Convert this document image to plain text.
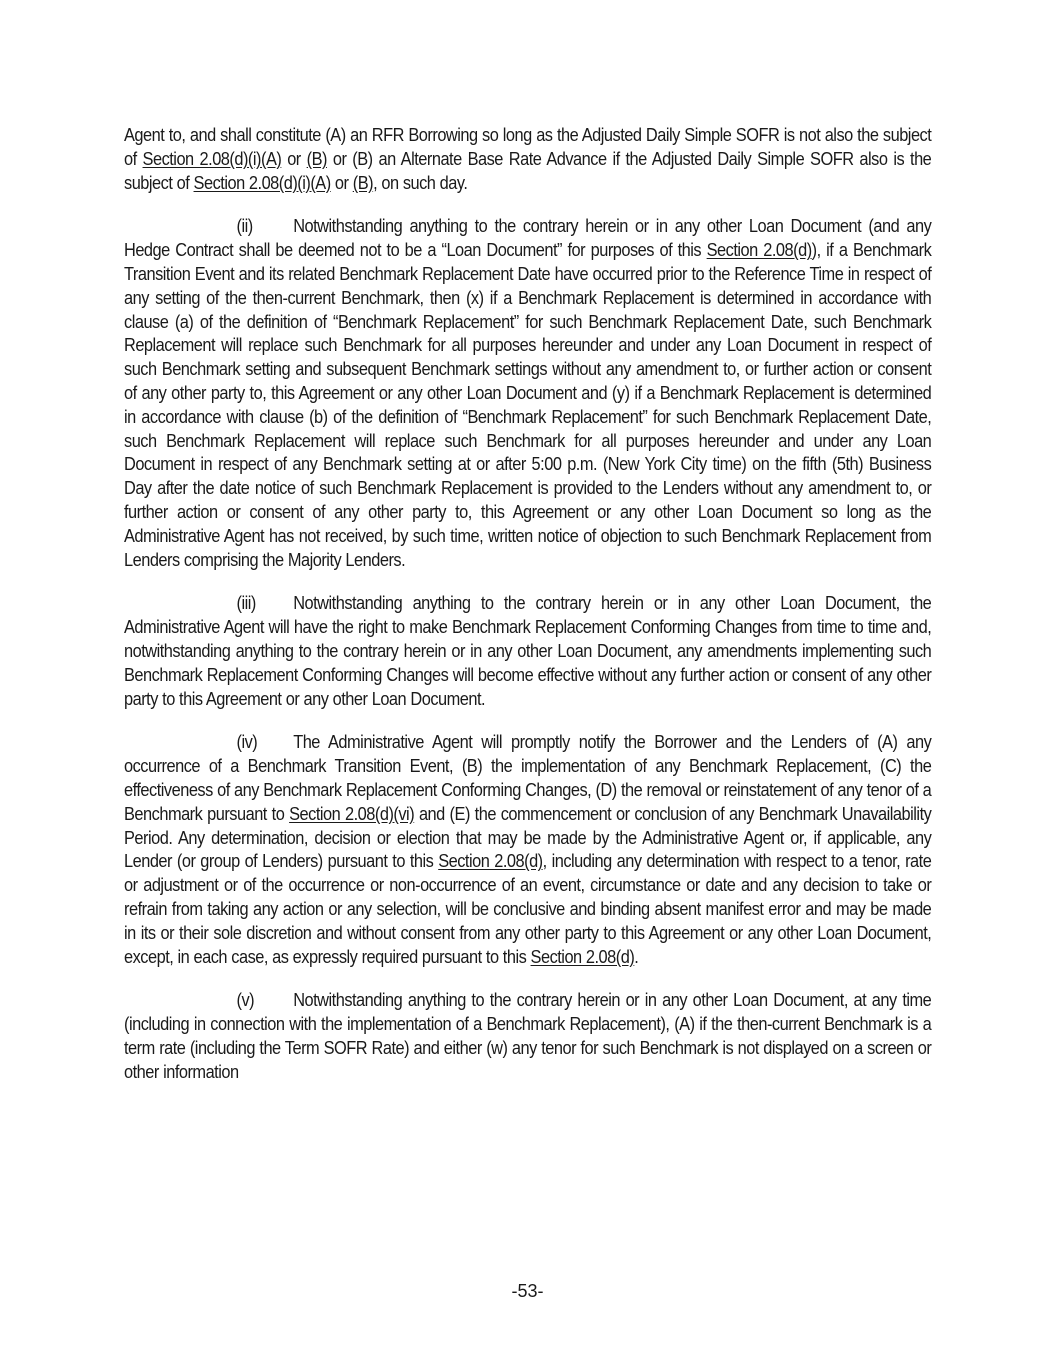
Agent to, and shall constitute (A) an RFR Borrowing so long as the Adjusted Daily Simple SOFR is not also the subject of Section 2.08(d)(i)(A) or (B) or (B) an Alternate Base Rate Advance if the Adjusted Daily Simple SOFR also is the subject of Section 2.08(d)(i)(A) or (B), on such day.

(ii) Notwithstanding anything to the contrary herein or in any other Loan Document (and any Hedge Contract shall be deemed not to be a “Loan Document” for purposes of this Section 2.08(d)), if a Benchmark Transition Event and its related Benchmark Replacement Date have occurred prior to the Reference Time in respect of any setting of the then-current Benchmark, then (x) if a Benchmark Replacement is determined in accordance with clause (a) of the definition of “Benchmark Replacement” for such Benchmark Replacement Date, such Benchmark Replacement will replace such Benchmark for all purposes hereunder and under any Loan Document in respect of such Benchmark setting and subsequent Benchmark settings without any amendment to, or further action or consent of any other party to, this Agreement or any other Loan Document and (y) if a Benchmark Replacement is determined in accordance with clause (b) of the definition of “Benchmark Replacement” for such Benchmark Replacement Date, such Benchmark Replacement will replace such Benchmark for all purposes hereunder and under any Loan Document in respect of any Benchmark setting at or after 5:00 p.m. (New York City time) on the fifth (5th) Business Day after the date notice of such Benchmark Replacement is provided to the Lenders without any amendment to, or further action or consent of any other party to, this Agreement or any other Loan Document so long as the Administrative Agent has not received, by such time, written notice of objection to such Benchmark Replacement from Lenders comprising the Majority Lenders.

(iii) Notwithstanding anything to the contrary herein or in any other Loan Document, the Administrative Agent will have the right to make Benchmark Replacement Conforming Changes from time to time and, notwithstanding anything to the contrary herein or in any other Loan Document, any amendments implementing such Benchmark Replacement Conforming Changes will become effective without any further action or consent of any other party to this Agreement or any other Loan Document.

(iv) The Administrative Agent will promptly notify the Borrower and the Lenders of (A) any occurrence of a Benchmark Transition Event, (B) the implementation of any Benchmark Replacement, (C) the effectiveness of any Benchmark Replacement Conforming Changes, (D) the removal or reinstatement of any tenor of a Benchmark pursuant to Section 2.08(d)(vi) and (E) the commencement or conclusion of any Benchmark Unavailability Period. Any determination, decision or election that may be made by the Administrative Agent or, if applicable, any Lender (or group of Lenders) pursuant to this Section 2.08(d), including any determination with respect to a tenor, rate or adjustment or of the occurrence or non-occurrence of an event, circumstance or date and any decision to take or refrain from taking any action or any selection, will be conclusive and binding absent manifest error and may be made in its or their sole discretion and without consent from any other party to this Agreement or any other Loan Document, except, in each case, as expressly required pursuant to this Section 2.08(d).

(v) Notwithstanding anything to the contrary herein or in any other Loan Document, at any time (including in connection with the implementation of a Benchmark Replacement), (A) if the then-current Benchmark is a term rate (including the Term SOFR Rate) and either (w) any tenor for such Benchmark is not displayed on a screen or other information

-53-
